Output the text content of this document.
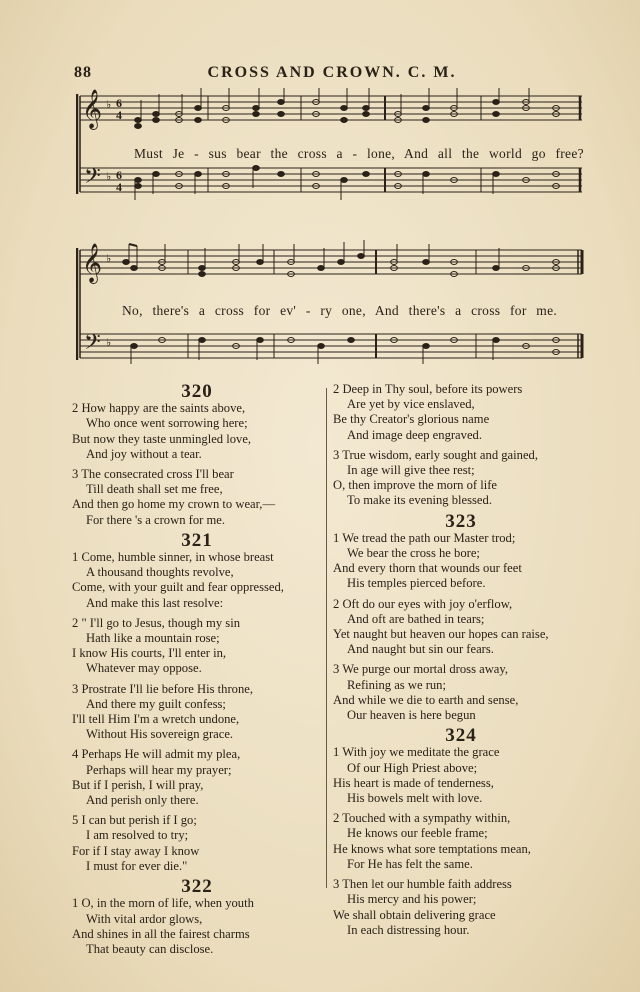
88	CROSS AND CROWN. C. M.
𝄞
𝄢
♭
♭
6
4
6
4
Must Je - sus bear the cross a - lone, And all the world go free?
𝄞
𝄢
♭
♭
No, there's a cross for ev' - ry one, And there's a cross for me.
320
2 How happy are the saints above,
Who once went sorrowing here;
But now they taste unmingled love,
And joy without a tear.
3 The consecrated cross I'll bear
Till death shall set me free,
And then go home my crown to wear,—
For there 's a crown for me.
321
1 Come, humble sinner, in whose breast
A thousand thoughts revolve,
Come, with your guilt and fear oppressed,
And make this last resolve:
2 " I'll go to Jesus, though my sin
Hath like a mountain rose;
I know His courts, I'll enter in,
Whatever may oppose.
3 Prostrate I'll lie before His throne,
And there my guilt confess;
I'll tell Him I'm a wretch undone,
Without His sovereign grace.
4 Perhaps He will admit my plea,
Perhaps will hear my prayer;
But if I perish, I will pray,
And perish only there.
5 I can but perish if I go;
I am resolved to try;
For if I stay away I know
I must for ever die."
322
1 O, in the morn of life, when youth
With vital ardor glows,
And shines in all the fairest charms
That beauty can disclose.
2 Deep in Thy soul, before its powers
Are yet by vice enslaved,
Be thy Creator's glorious name
And image deep engraved.
3 True wisdom, early sought and gained,
In age will give thee rest;
O, then improve the morn of life
To make its evening blessed.
323
1 We tread the path our Master trod;
We bear the cross he bore;
And every thorn that wounds our feet
His temples pierced before.
2 Oft do our eyes with joy o'erflow,
And oft are bathed in tears;
Yet naught but heaven our hopes can raise,
And naught but sin our fears.
3 We purge our mortal dross away,
Refining as we run;
And while we die to earth and sense,
Our heaven is here begun
324
1 With joy we meditate the grace
Of our High Priest above;
His heart is made of tenderness,
His bowels melt with love.
2 Touched with a sympathy within,
He knows our feeble frame;
He knows what sore temptations mean,
For He has felt the same.
3 Then let our humble faith address
His mercy and his power;
We shall obtain delivering grace
In each distressing hour.
